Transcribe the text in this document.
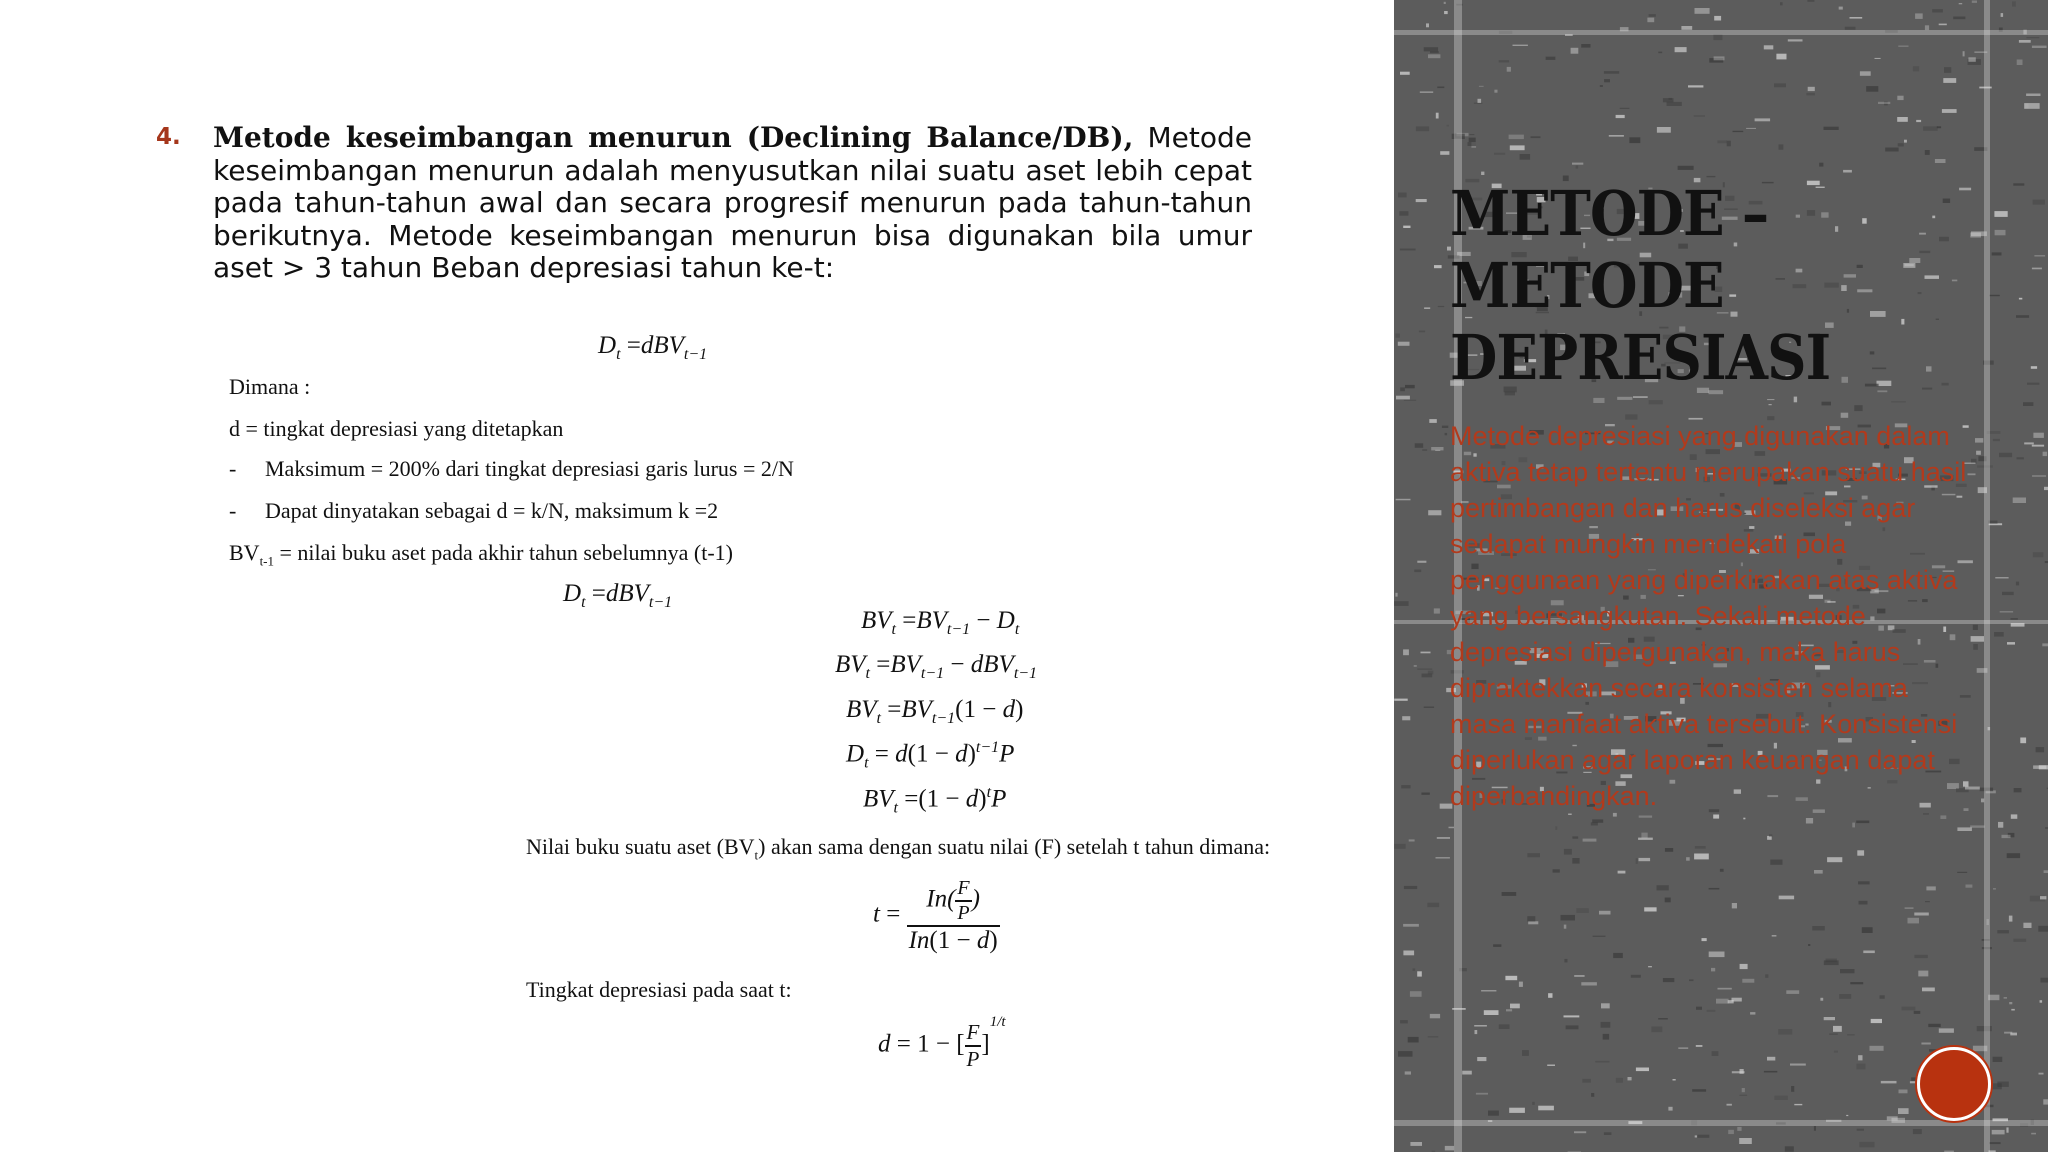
4. Metode keseimbangan menurun (Declining Balance/DB), Metode keseimbangan menurun adalah menyusutkan nilai suatu aset lebih cepat pada tahun-tahun awal dan secara progresif menurun pada tahun-tahun berikutnya. Metode keseimbangan menurun bisa digunakan bila umur aset > 3 tahun Beban depresiasi tahun ke-t:
$D_t =dBV_{t-1}$
Dimana :
d = tingkat depresiasi yang ditetapkan
- Maksimum = 200% dari tingkat depresiasi garis lurus = 2/N
- Dapat dinyatakan sebagai d = k/N, maksimum k =2
$BV_{t-1}$ = nilai buku aset pada akhir tahun sebelumnya (t-1)
$D_t =dBV_{t-1}$
$BV_t =BV_{t-1} - D_t$
$BV_t =BV_{t-1} - dBV_{t-1}$
$BV_t =BV_{t-1}(1 - d)$
$D_t = d(1 - d)^{t-1}P$
$BV_t =(1 - d)^tP$
Nilai buku suatu aset $(BV_t)$ akan sama dengan suatu nilai (F) setelah t tahun dimana:
$t = \frac{In( \frac{F}{P} )}{In(1 - d)}$
Tingkat depresiasi pada saat t:
d = 1 − [ $\frac{F}{P} ]^{1/t}$
METODE – METODE DEPRESIASI
Metode depresiasi yang digunakan dalam aktiva tetap tertentu merupakan suatu hasil pertimbangan dan harus diseleksi agar sedapat mungkin mendekati pola penggunaan yang diperkirakan atas aktiva yang bersangkutan. Sekali metode depresiasi dipergunakan, maka harus dipraktekkan secara konsisten selama masa manfaat aktiva tersebut. Konsistensi diperlukan agar laporan keuangan dapat diperbandingkan.
